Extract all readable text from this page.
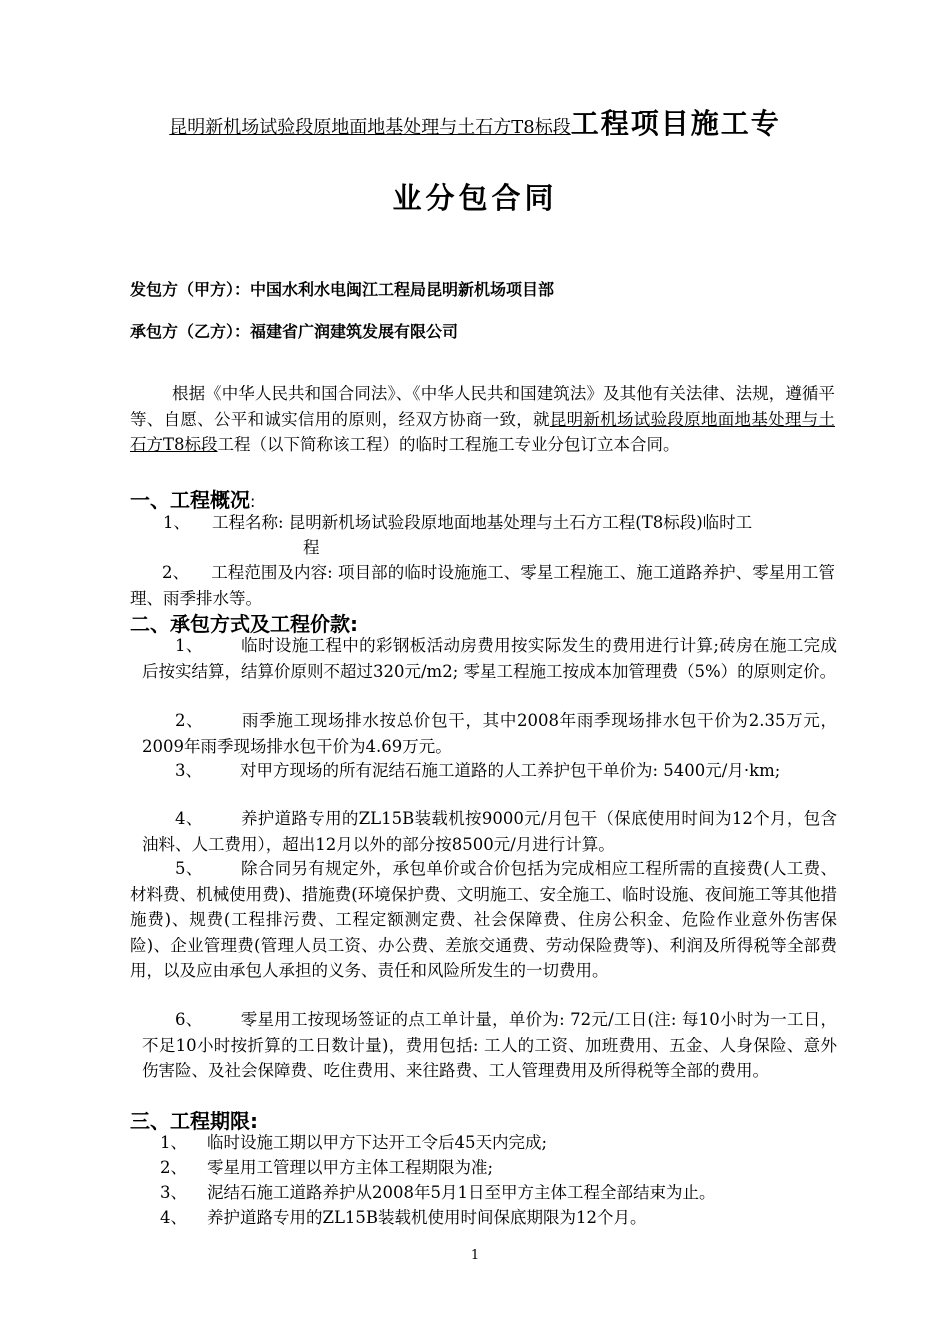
昆明新机场试验段原地面地基处理与土石方T8标段工程项目施工专
业分包合同
发包方（甲方）：中国水利水电闽江工程局昆明新机场项目部
承包方（乙方）：福建省广润建筑发展有限公司
根据《中华人民共和国合同法》、《中华人民共和国建筑法》及其他有关法律、法规，遵循平等、自愿、公平和诚实信用的原则，经双方协商一致，就昆明新机场试验段原地面地基处理与土石方T8标段工程（以下简称该工程）的临时工程施工专业分包订立本合同。
一、工程概况:
1、 工程名称: 昆明新机场试验段原地面地基处理与土石方工程(T8标段)临时工
程
2、 工程范围及内容: 项目部的临时设施施工、零星工程施工、施工道路养护、零星用工管理、雨季排水等。
二、承包方式及工程价款:
1、 临时设施工程中的彩钢板活动房费用按实际发生的费用进行计算;砖房在施工完成后按实结算，结算价原则不超过320元/m2; 零星工程施工按成本加管理费（5%）的原则定价。
2、 雨季施工现场排水按总价包干，其中2008年雨季现场排水包干价为2.35万元，2009年雨季现场排水包干价为4.69万元。
3、 对甲方现场的所有泥结石施工道路的人工养护包干单价为: 5400元/月·km;
4、 养护道路专用的ZL15B装载机按9000元/月包干（保底使用时间为12个月，包含油料、人工费用），超出12月以外的部分按8500元/月进行计算。
5、 除合同另有规定外，承包单价或合价包括为完成相应工程所需的直接费(人工费、材料费、机械使用费)、措施费(环境保护费、文明施工、安全施工、临时设施、夜间施工等其他措施费)、规费(工程排污费、工程定额测定费、社会保障费、住房公积金、危险作业意外伤害保险)、企业管理费(管理人员工资、办公费、差旅交通费、劳动保险费等)、利润及所得税等全部费用，以及应由承包人承担的义务、责任和风险所发生的一切费用。
6、 零星用工按现场签证的点工单计量，单价为: 72元/工日(注: 每10小时为一工日，不足10小时按折算的工日数计量)，费用包括: 工人的工资、加班费用、五金、人身保险、意外伤害险、及社会保障费、吃住费用、来往路费、工人管理费用及所得税等全部的费用。
三、工程期限:
1、 临时设施工期以甲方下达开工令后45天内完成;
2、 零星用工管理以甲方主体工程期限为准;
3、 泥结石施工道路养护从2008年5月1日至甲方主体工程全部结束为止。
4、 养护道路专用的ZL15B装载机使用时间保底期限为12个月。
1
